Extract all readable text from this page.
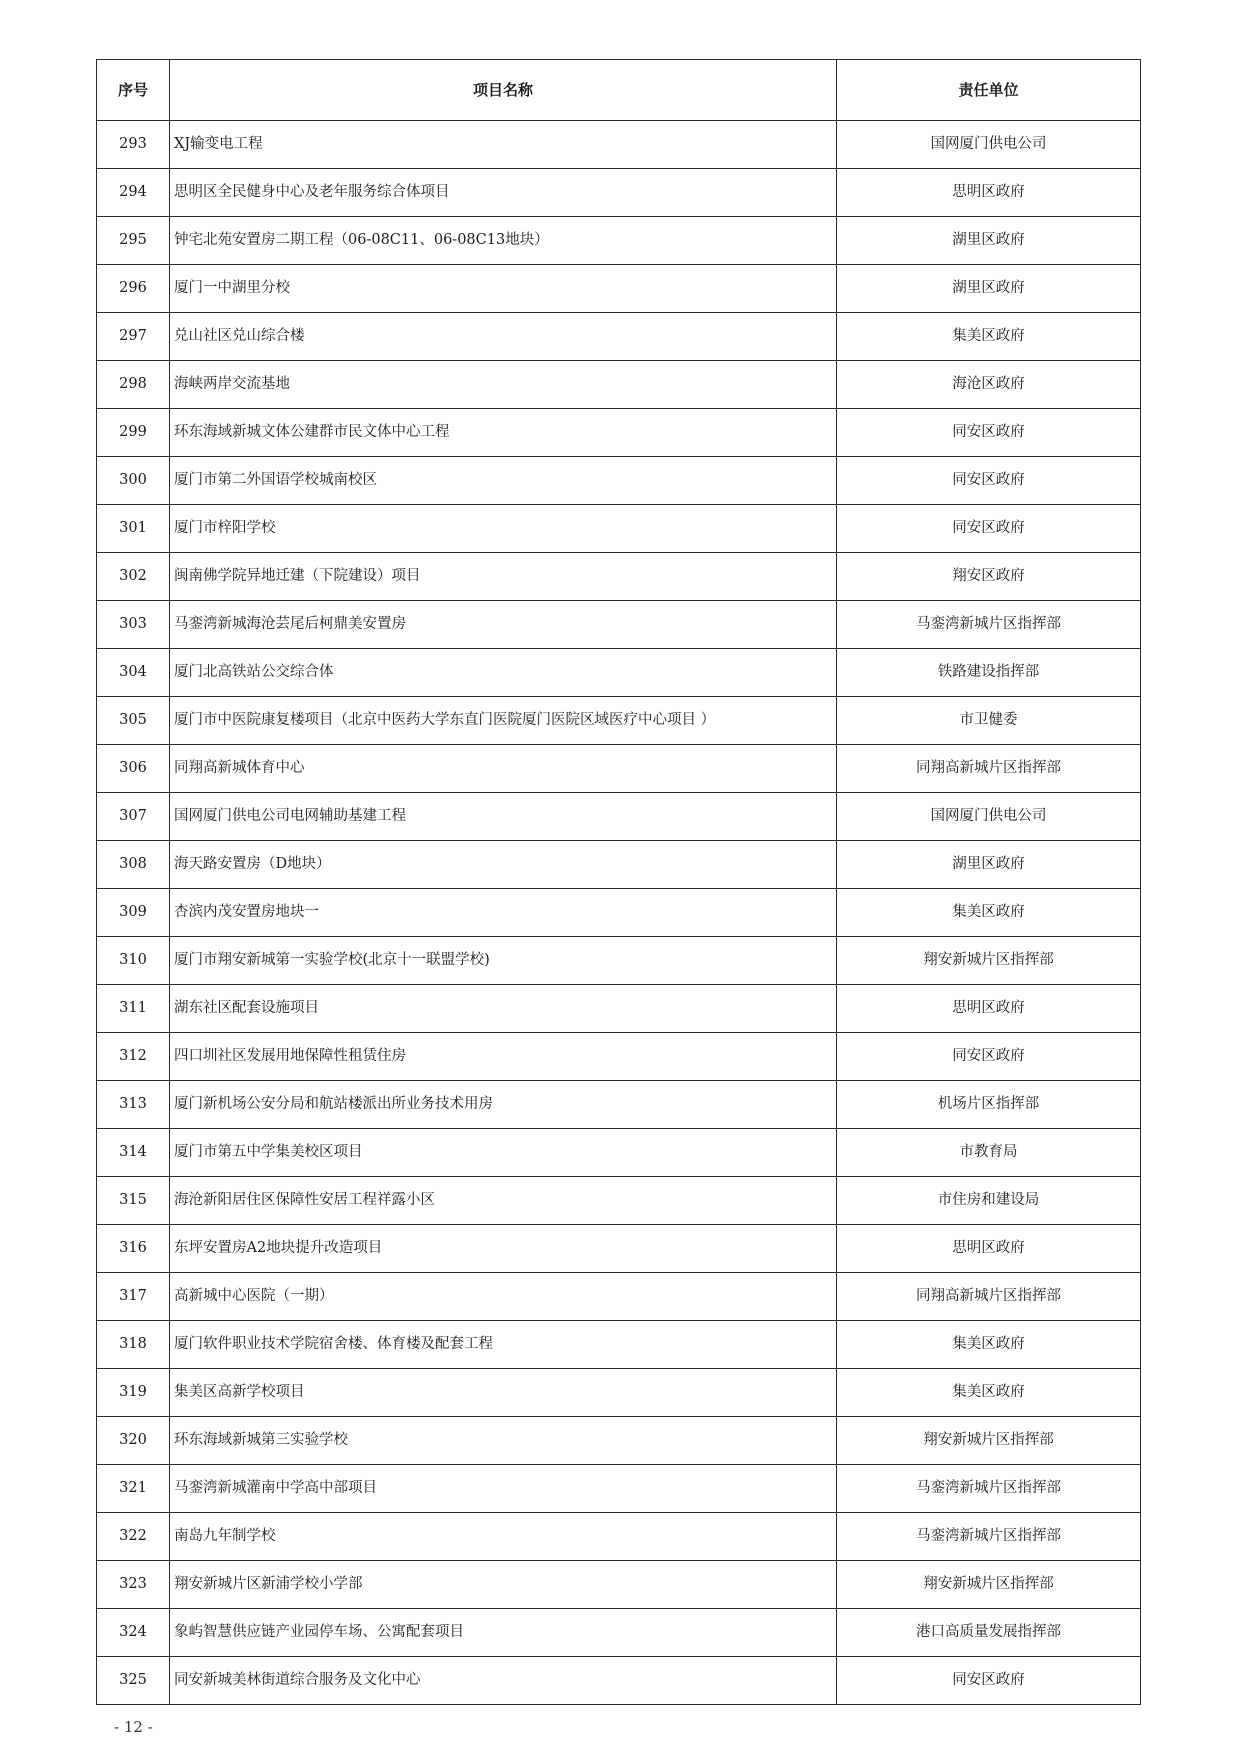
序号	项目名称	责任单位
293	XJ输变电工程	国网厦门供电公司
294	思明区全民健身中心及老年服务综合体项目	思明区政府
295	钟宅北苑安置房二期工程（06-08C11、06-08C13地块）	湖里区政府
296	厦门一中湖里分校	湖里区政府
297	兑山社区兑山综合楼	集美区政府
298	海峡两岸交流基地	海沧区政府
299	环东海域新城文体公建群市民文体中心工程	同安区政府
300	厦门市第二外国语学校城南校区	同安区政府
301	厦门市梓阳学校	同安区政府
302	闽南佛学院异地迁建（下院建设）项目	翔安区政府
303	马銮湾新城海沧芸尾后柯鼎美安置房	马銮湾新城片区指挥部
304	厦门北高铁站公交综合体	铁路建设指挥部
305	厦门市中医院康复楼项目（北京中医药大学东直门医院厦门医院区域医疗中心项目 ）	市卫健委
306	同翔高新城体育中心	同翔高新城片区指挥部
307	国网厦门供电公司电网辅助基建工程	国网厦门供电公司
308	海天路安置房（D地块）	湖里区政府
309	杏滨内茂安置房地块一	集美区政府
310	厦门市翔安新城第一实验学校(北京十一联盟学校)	翔安新城片区指挥部
311	湖东社区配套设施项目	思明区政府
312	四口圳社区发展用地保障性租赁住房	同安区政府
313	厦门新机场公安分局和航站楼派出所业务技术用房	机场片区指挥部
314	厦门市第五中学集美校区项目	市教育局
315	海沧新阳居住区保障性安居工程祥露小区	市住房和建设局
316	东坪安置房A2地块提升改造项目	思明区政府
317	高新城中心医院（一期）	同翔高新城片区指挥部
318	厦门软件职业技术学院宿舍楼、体育楼及配套工程	集美区政府
319	集美区高新学校项目	集美区政府
320	环东海域新城第三实验学校	翔安新城片区指挥部
321	马銮湾新城灌南中学高中部项目	马銮湾新城片区指挥部
322	南岛九年制学校	马銮湾新城片区指挥部
323	翔安新城片区新浦学校小学部	翔安新城片区指挥部
324	象屿智慧供应链产业园停车场、公寓配套项目	港口高质量发展指挥部
325	同安新城美林街道综合服务及文化中心	同安区政府
- 12 -
